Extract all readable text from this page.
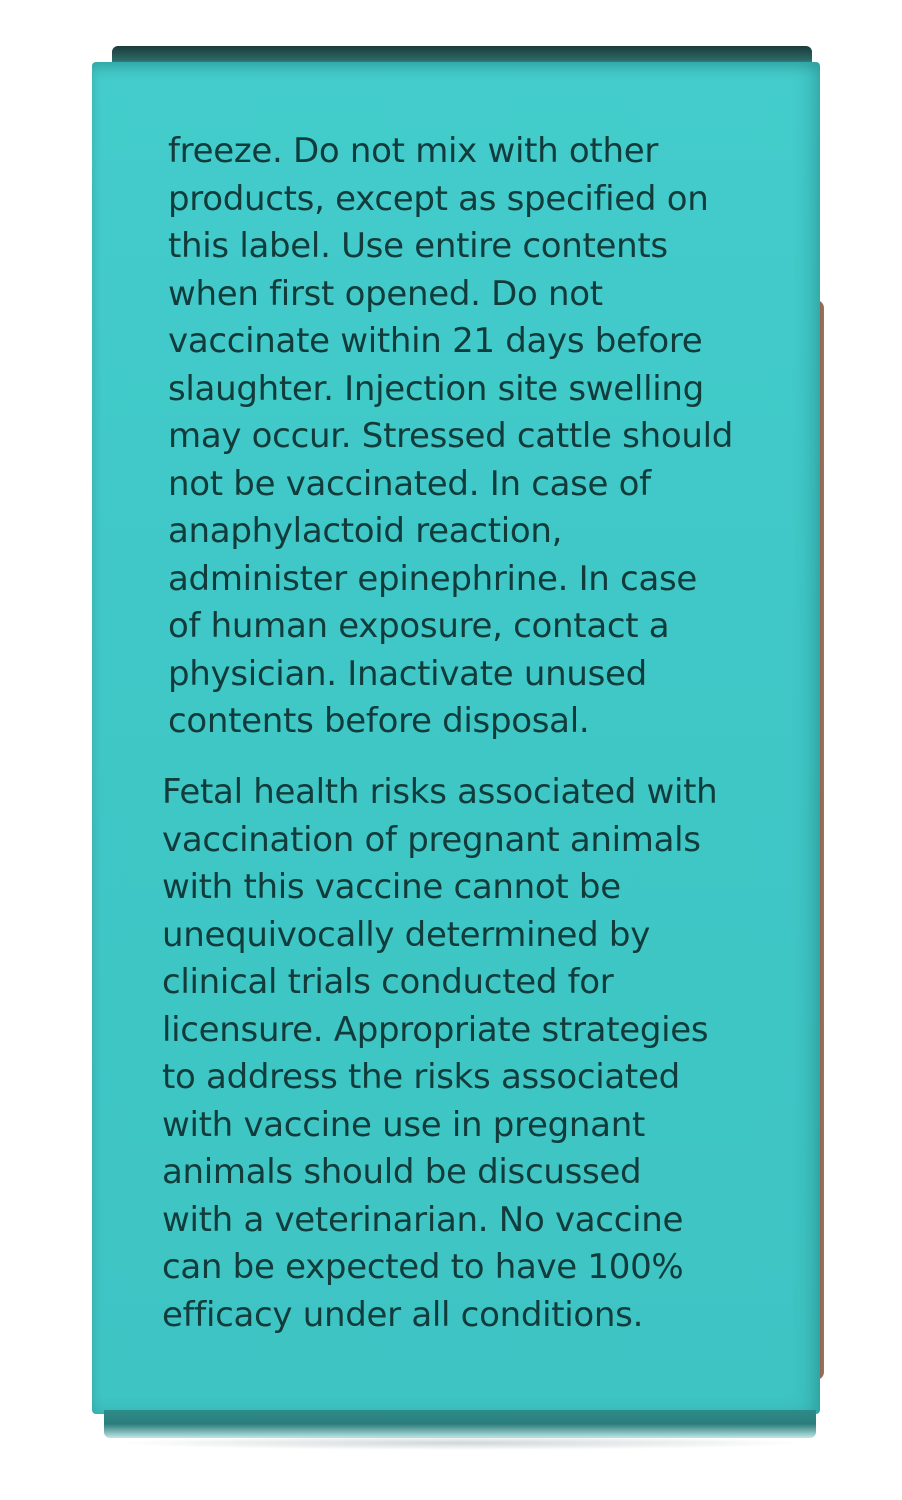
freeze. Do not mix with other
products, except as specified on
this label. Use entire contents
when first opened. Do not
vaccinate within 21 days before
slaughter. Injection site swelling
may occur. Stressed cattle should
not be vaccinated. In case of
anaphylactoid reaction,
administer epinephrine. In case
of human exposure, contact a
physician. Inactivate unused
contents before disposal.

Fetal health risks associated with
vaccination of pregnant animals
with this vaccine cannot be
unequivocally determined by
clinical trials conducted for
licensure. Appropriate strategies
to address the risks associated
with vaccine use in pregnant
animals should be discussed
with a veterinarian. No vaccine
can be expected to have 100%
efficacy under all conditions.
